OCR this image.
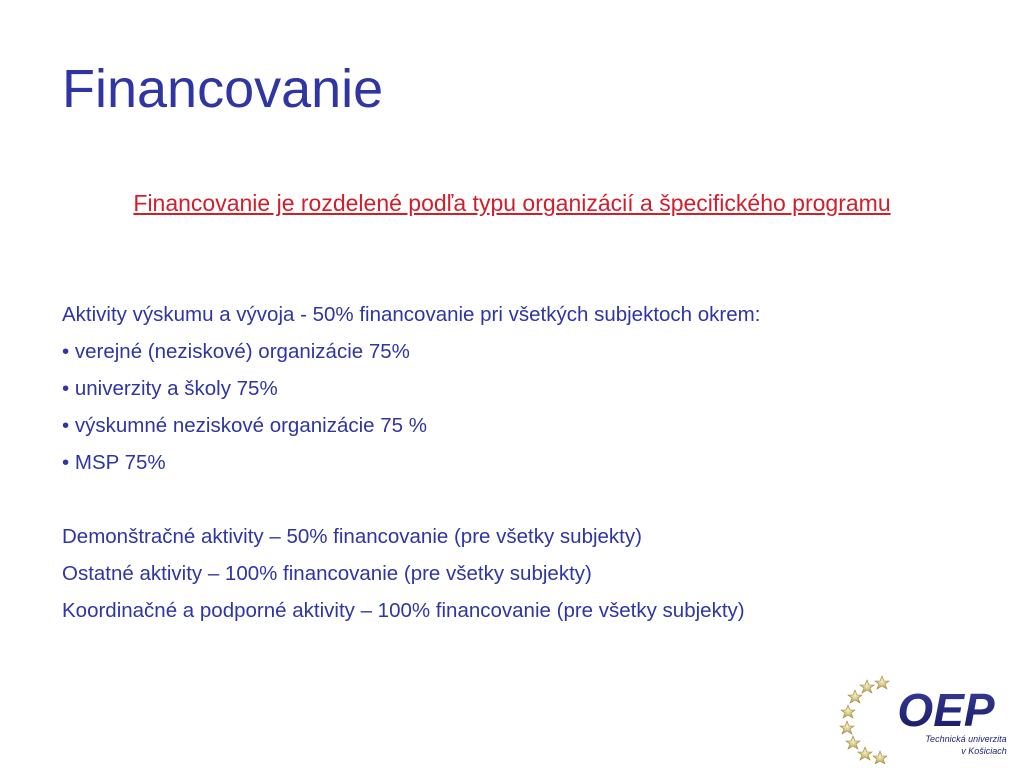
Financovanie

Financovanie je rozdelené podľa typu organizácií a špecifického programu

Aktivity výskumu a vývoja - 50% financovanie pri všetkých subjektoch okrem:
• verejné (neziskové) organizácie 75%
• univerzity a školy 75%
• výskumné neziskové organizácie 75 %
• MSP 75%
Demonštračné aktivity – 50% financovanie (pre všetky subjekty)
Ostatné aktivity – 100% financovanie (pre všetky subjekty)
Koordinačné a podporné aktivity – 100% financovanie (pre všetky subjekty)
OEP
Technická univerzita
v Košiciach
